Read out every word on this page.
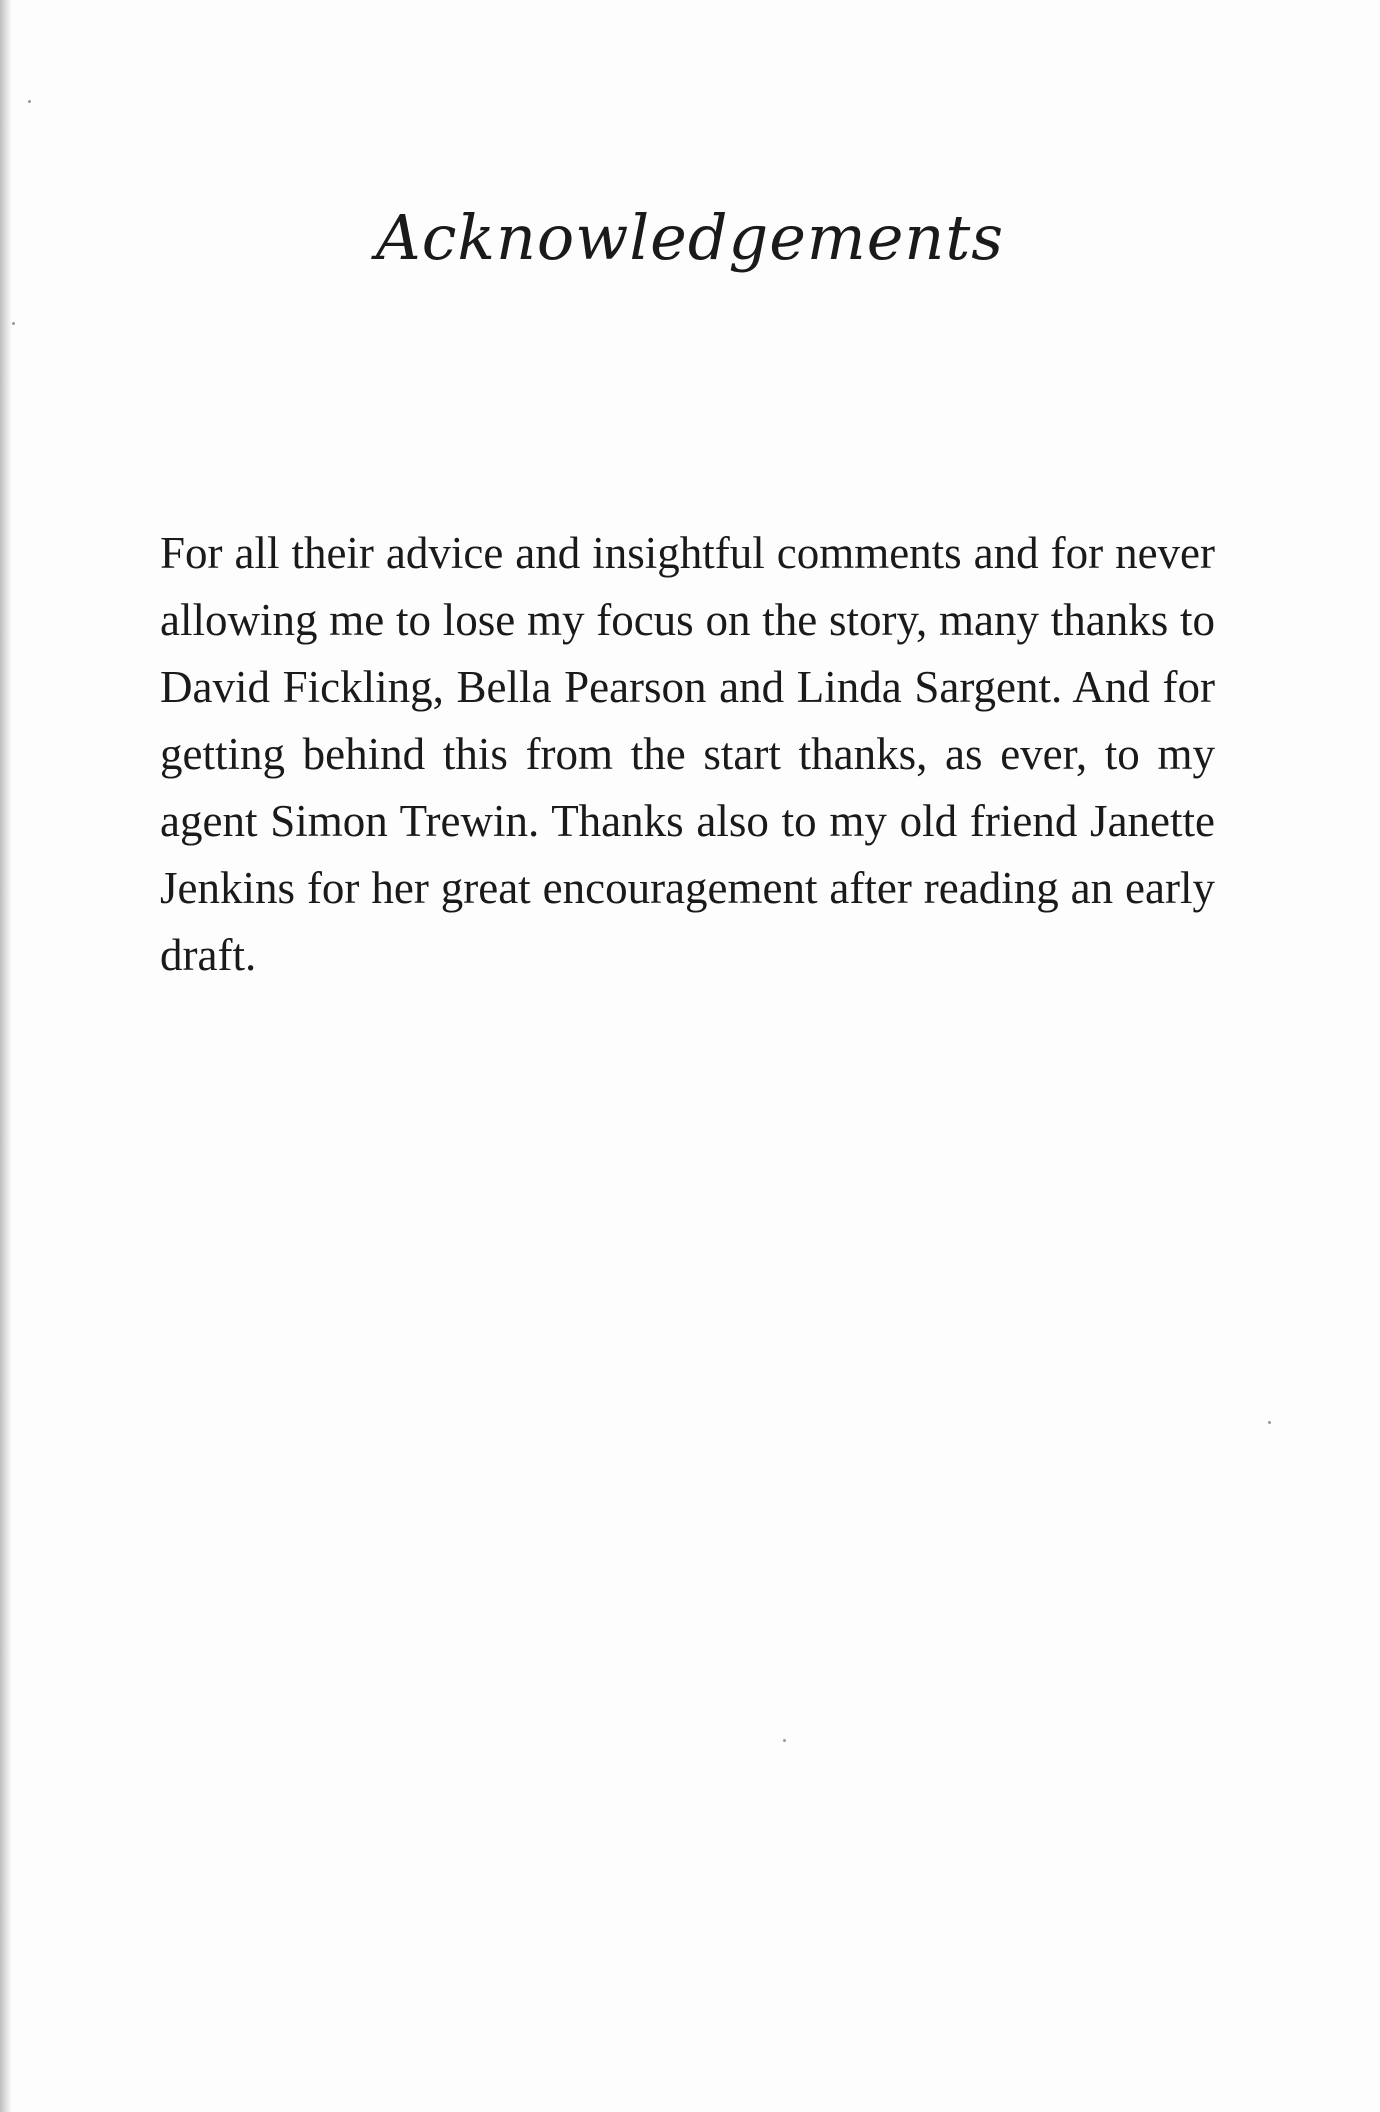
Acknowledgements

For all their advice and insightful comments and for never allowing me to lose my focus on the story, many thanks to David Fickling, Bella Pearson and Linda Sargent. And for getting behind this from the start thanks, as ever, to my agent Simon Trewin. Thanks also to my old friend Janette Jenkins for her great encouragement after reading an early draft.
